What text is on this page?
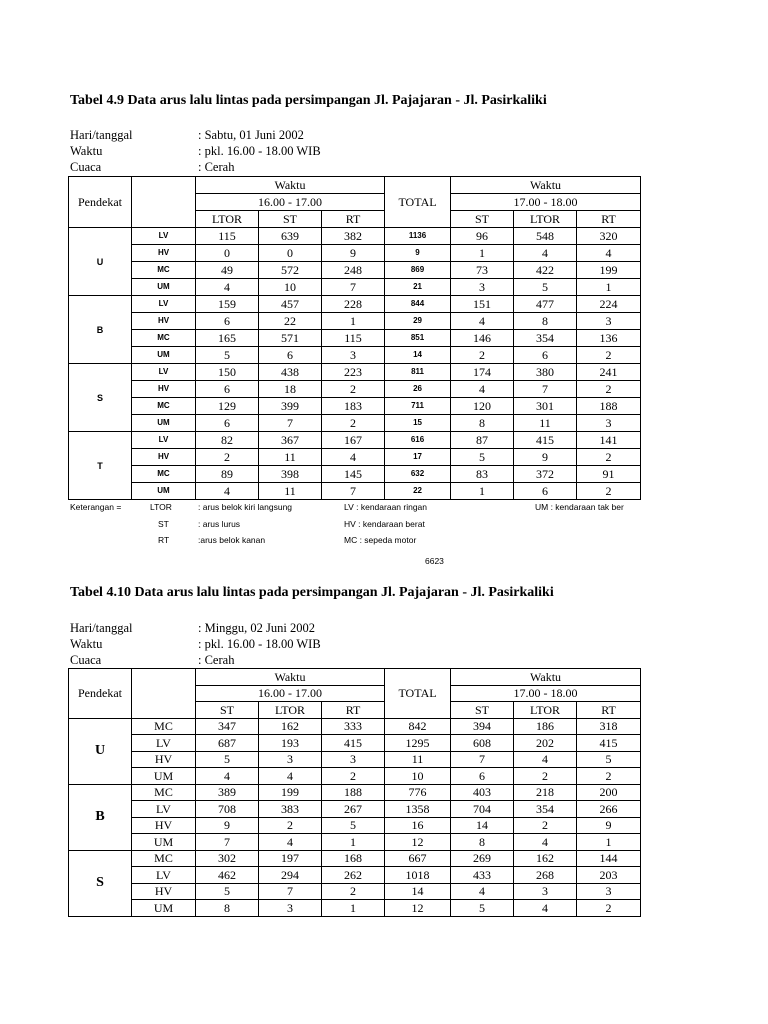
Tabel 4.9 Data arus lalu lintas pada persimpangan Jl. Pajajaran - Jl. Pasirkaliki
Hari/tanggal	: Sabtu, 01 Juni 2002
Waktu	: pkl. 16.00 - 18.00 WIB
Cuaca	: Cerah
Pendekat		Waktu			TOTAL	Waktu		
		16.00 - 17.00				17.00 - 18.00		
		LTOR	ST	RT		ST	LTOR	RT
U	LV	115	639	382	1136	96	548	320
	HV	0	0	9	9	1	4	4
	MC	49	572	248	869	73	422	199
	UM	4	10	7	21	3	5	1
B	LV	159	457	228	844	151	477	224
	HV	6	22	1	29	4	8	3
	MC	165	571	115	851	146	354	136
	UM	5	6	3	14	2	6	2
S	LV	150	438	223	811	174	380	241
	HV	6	18	2	26	4	7	2
	MC	129	399	183	711	120	301	188
	UM	6	7	2	15	8	11	3
T	LV	82	367	167	616	87	415	141
	HV	2	11	4	17	5	9	2
	MC	89	398	145	632	83	372	91
	UM	4	11	7	22	1	6	2
Keterangan =	LTOR	: arus belok kiri langsung	LV : kendaraan ringan	UM : kendaraan tak ber
ST	: arus lurus	HV : kendaraan berat
RT	:arus belok kanan	MC : sepeda motor
6623
Tabel 4.10 Data arus lalu lintas pada persimpangan Jl. Pajajaran - Jl. Pasirkaliki
Hari/tanggal	: Minggu, 02 Juni 2002
Waktu	: pkl. 16.00 - 18.00 WIB
Cuaca	: Cerah
Pendekat		Waktu			TOTAL	Waktu		
		16.00 - 17.00				17.00 - 18.00		
		ST	LTOR	RT		ST	LTOR	RT
U	MC	347	162	333	842	394	186	318
	LV	687	193	415	1295	608	202	415
	HV	5	3	3	11	7	4	5
	UM	4	4	2	10	6	2	2
B	MC	389	199	188	776	403	218	200
	LV	708	383	267	1358	704	354	266
	HV	9	2	5	16	14	2	9
	UM	7	4	1	12	8	4	1
S	MC	302	197	168	667	269	162	144
	LV	462	294	262	1018	433	268	203
	HV	5	7	2	14	4	3	3
	UM	8	3	1	12	5	4	2
